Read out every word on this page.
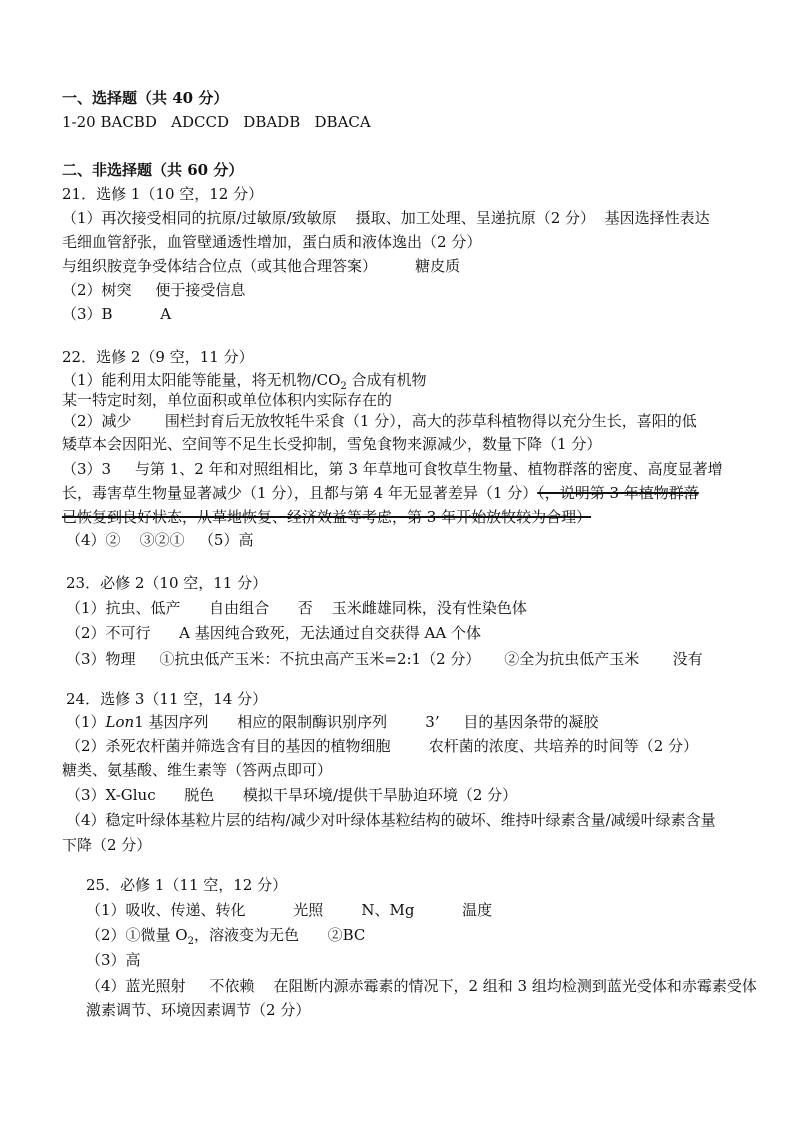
一、选择题（共 40 分）
1-20 BACBD   ADCCD   DBADB   DBACA
二、非选择题（共 60 分）
21．选修 1（10 空，12 分）
（1）再次接受相同的抗原/过敏原/致敏原    摄取、加工处理、呈递抗原（2 分）  基因选择性表达
毛细血管舒张，血管壁通透性增加，蛋白质和液体逸出（2 分）
与组织胺竞争受体结合位点（或其他合理答案）        糖皮质
（2）树突     便于接受信息
（3）B          A
22．选修 2（9 空，11 分）
（1）能利用太阳能等能量，将无机物$/CO_2$ 合成有机物
某一特定时刻，单位面积或单位体积内实际存在的
（2）减少       围栏封育后无放牧牦牛采食（1 分），高大的莎草科植物得以充分生长，喜阳的低
矮草本会因阳光、空间等不足生长受抑制，雪兔食物来源减少，数量下降（1 分）
（3）3     与第 1、2 年和对照组相比，第 3 年草地可食牧草生物量、植物群落的密度、高度显著增
长，毒害草生物量显著减少（1 分），且都与第 4 年无显著差异（1 分）（，说明第 3 年植物群落
已恢复到良好状态，从草地恢复、经济效益等考虑，第 3 年开始放牧较为合理）
（4）②    ③②①   （5）高
23．必修 2（10 空，11 分）
（1）抗虫、低产      自由组合      否    玉米雌雄同株，没有性染色体
（2）不可行      A 基因纯合致死，无法通过自交获得 AA 个体
（3）物理     ①抗虫低产玉米：不抗虫高产玉米=2:1（2 分）     ②全为抗虫低产玉米       没有
24．选修 3（11 空，14 分）
（1）Lon1 基因序列      相应的限制酶识别序列        3’     目的基因条带的凝胶
（2）杀死农杆菌并筛选含有目的基因的植物细胞        农杆菌的浓度、共培养的时间等（2 分）
糖类、氨基酸、维生素等（答两点即可）
（3）X-Gluc      脱色      模拟干旱环境/提供干旱胁迫环境（2 分）
（4）稳定叶绿体基粒片层的结构/减少对叶绿体基粒结构的破坏、维持叶绿素含量/减缓叶绿素含量
下降（2 分）
25．必修 1（11 空，12 分）
（1）吸收、传递、转化          光照        N、Mg          温度
（2）①微量 $O_2$，溶液变为无色      ②BC
（3）高
（4）蓝光照射     不依赖    在阻断内源赤霉素的情况下，2 组和 3 组均检测到蓝光受体和赤霉素受体
激素调节、环境因素调节（2 分）
